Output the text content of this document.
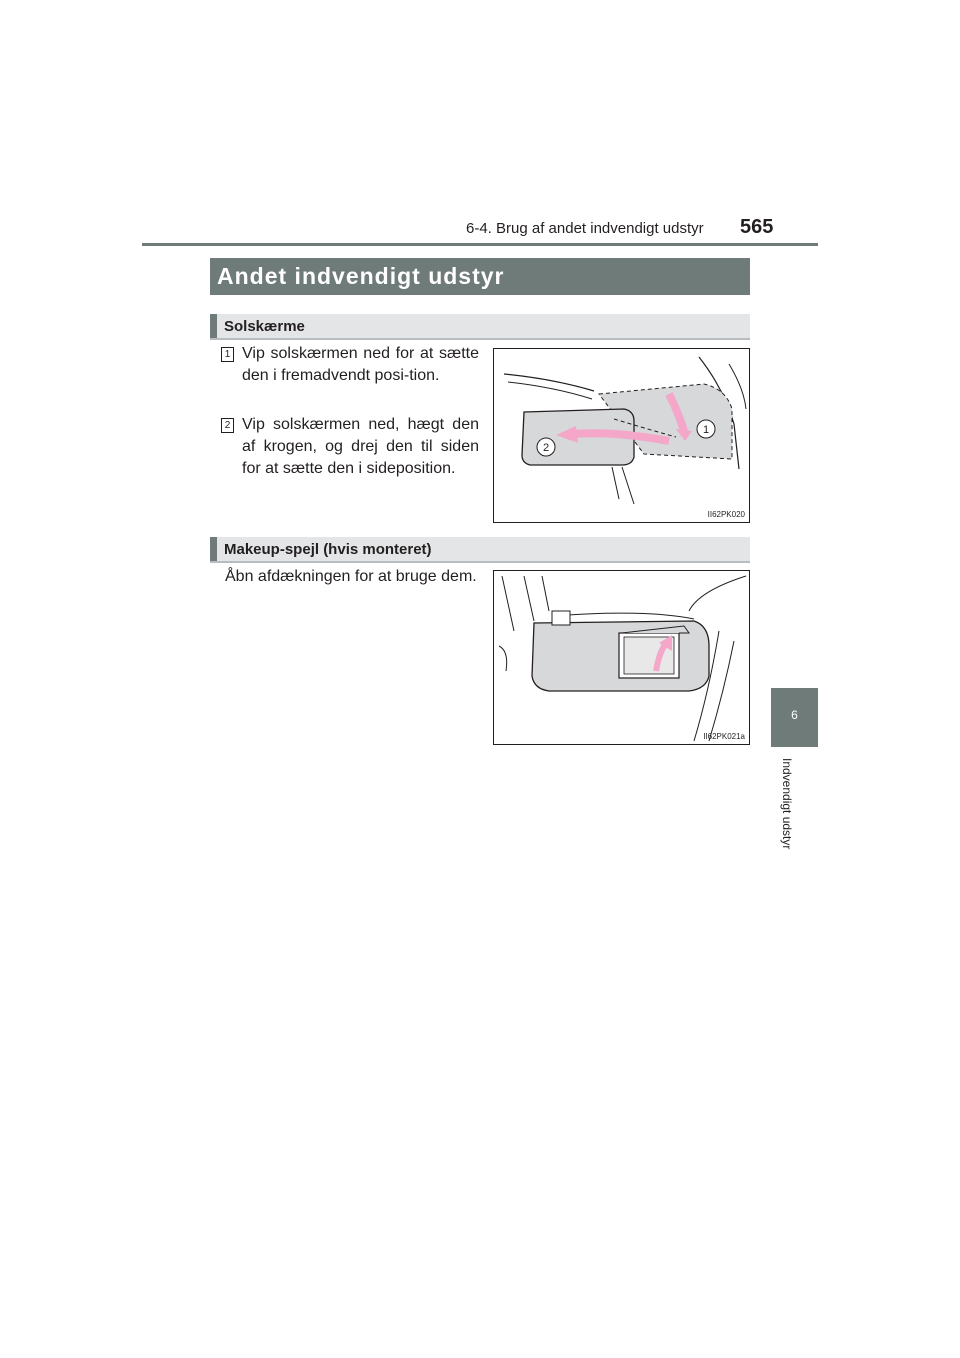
6-4. Brug af andet indvendigt udstyr 565
6
Indvendigt udstyr
Andet indvendigt udstyr
Solskærme
1 Vip solskærmen ned for at sætte den i fremadvendt posi-tion.
2 Vip solskærmen ned, hægt den af krogen, og drej den til siden for at sætte den i sideposition.
1
2
II62PK020
Makeup-spejl (hvis monteret)
Åbn afdækningen for at bruge dem.
II62PK021a
